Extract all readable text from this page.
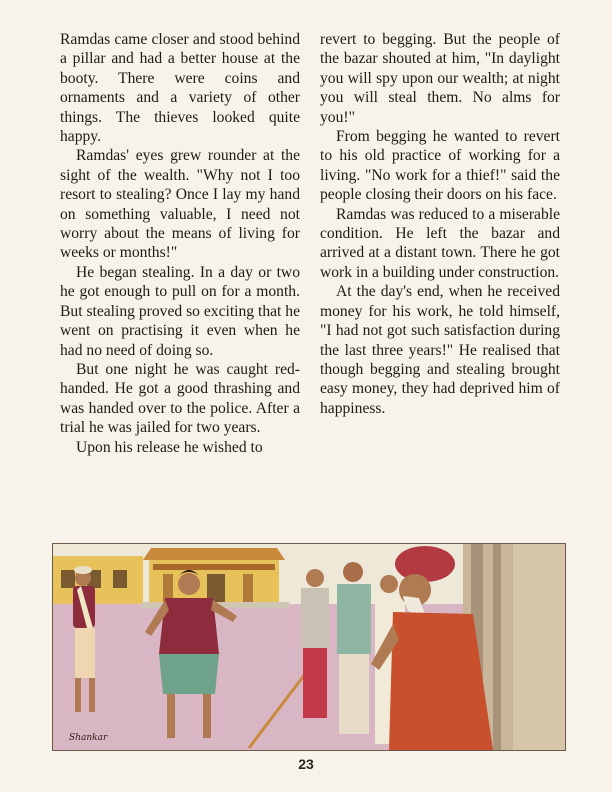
Ramdas came closer and stood behind a pillar and had a better house at the booty. There were coins and ornaments and a variety of other things. The thieves looked quite happy.

Ramdas' eyes grew rounder at the sight of the wealth. "Why not I too resort to stealing? Once I lay my hand on something valuable, I need not worry about the means of living for weeks or months!"

He began stealing. In a day or two he got enough to pull on for a month. But stealing proved so exciting that he went on practising it even when he had no need of doing so.

But one night he was caught red-handed. He got a good thrashing and was handed over to the police. After a trial he was jailed for two years.

Upon his release he wished to

revert to begging. But the people of the bazar shouted at him, "In daylight you will spy upon our wealth; at night you will steal them. No alms for you!"

From begging he wanted to revert to his old practice of working for a living. "No work for a thief!" said the people closing their doors on his face.

Ramdas was reduced to a miserable condition. He left the bazar and arrived at a distant town. There he got work in a building under construction.

At the day's end, when he received money for his work, he told himself, "I had not got such satisfaction during the last three years!" He realised that though begging and stealing brought easy money, they had deprived him of happiness.

Shankar
23
